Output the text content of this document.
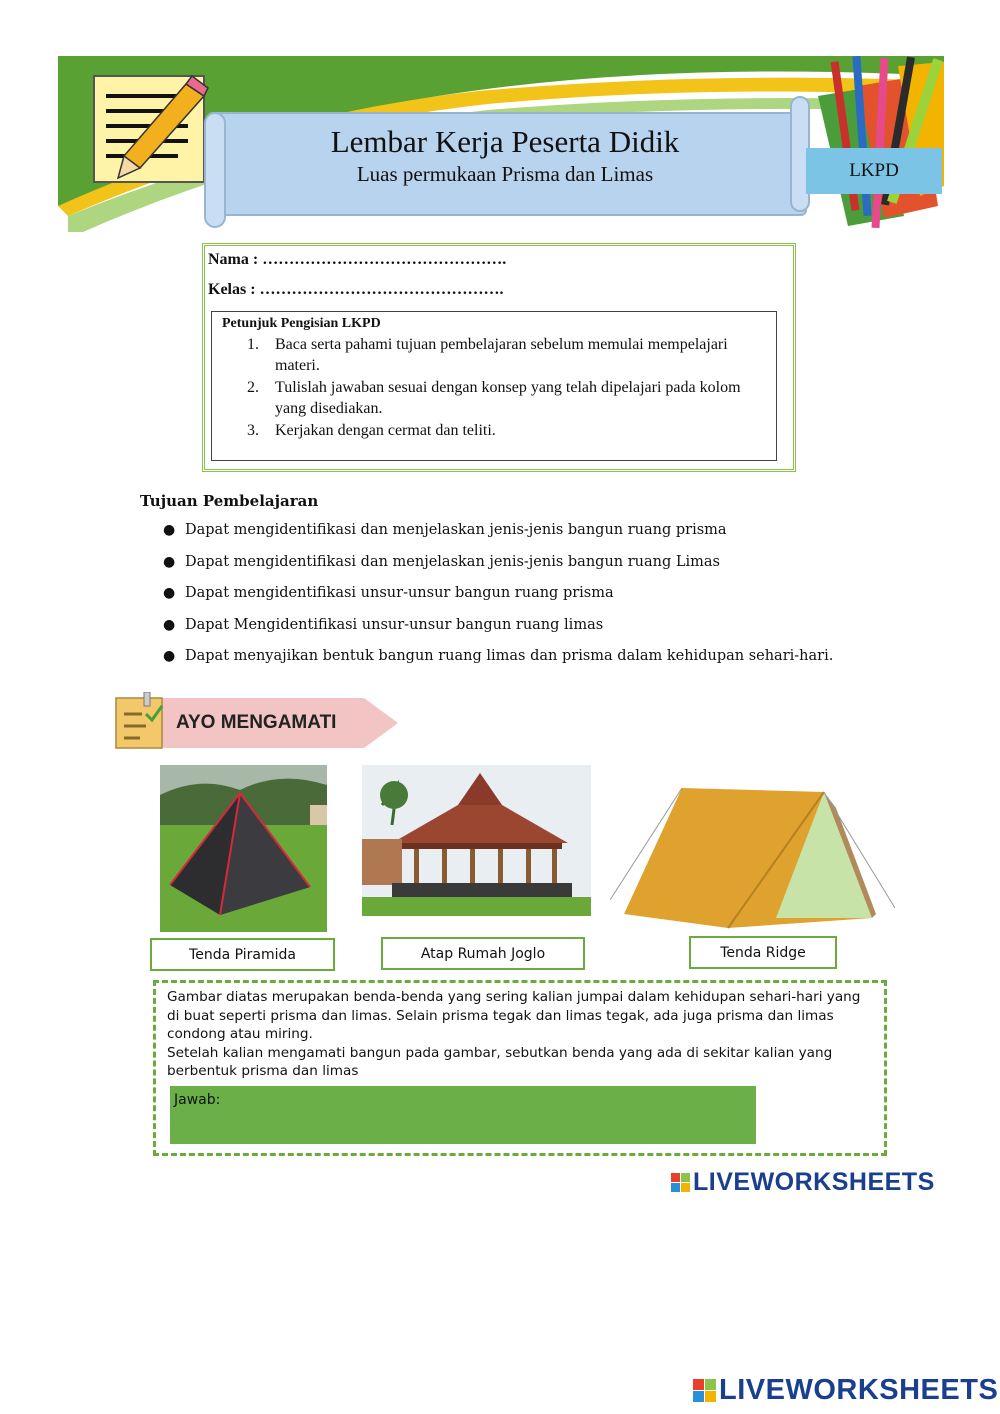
Lembar Kerja Peserta Didik
Luas permukaan Prisma dan Limas	LKPD
Nama : ……………………………………….
Kelas : ……………………………………….
Petunjuk Pengisian LKPD
1.	Baca serta pahami tujuan pembelajaran sebelum memulai mempelajari materi.
2.	Tulislah jawaban sesuai dengan konsep yang telah dipelajari pada kolom yang disediakan.
3.	Kerjakan dengan cermat dan teliti.
Tujuan Pembelajaran
● Dapat mengidentifikasi dan menjelaskan jenis-jenis bangun ruang prisma
● Dapat mengidentifikasi dan menjelaskan jenis-jenis bangun ruang Limas
● Dapat mengidentifikasi unsur-unsur bangun ruang prisma
● Dapat Mengidentifikasi unsur-unsur bangun ruang limas
● Dapat menyajikan bentuk bangun ruang limas dan prisma dalam kehidupan sehari-hari.
AYO MENGAMATI
Tenda Piramida	Atap Rumah Joglo	Tenda Ridge

Gambar diatas merupakan benda-benda yang sering kalian jumpai dalam kehidupan sehari-hari yang di buat seperti prisma dan limas. Selain prisma tegak dan limas tegak, ada juga prisma dan limas condong atau miring.

Setelah kalian mengamati bangun pada gambar, sebutkan benda yang ada di sekitar kalian yang berbentuk prisma dan limas

Jawab:
LIVEWORKSHEETS
LIVEWORKSHEETS
